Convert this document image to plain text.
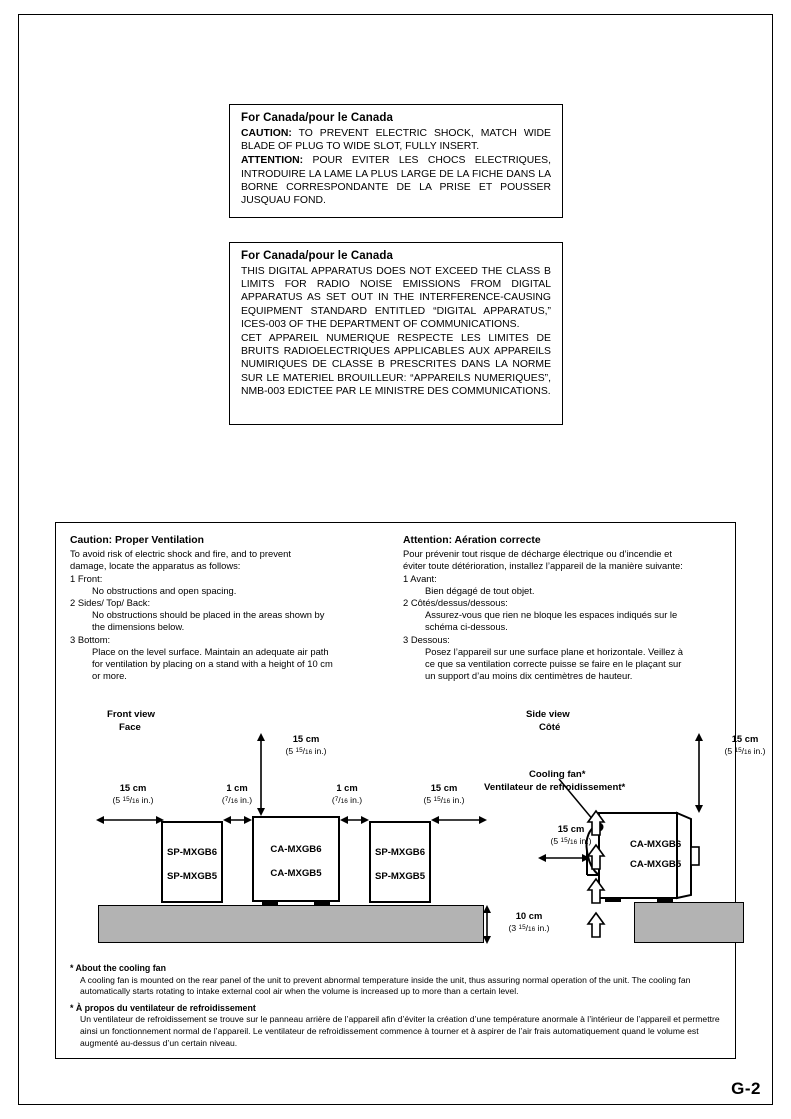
For Canada/pour le Canada

CAUTION: TO PREVENT ELECTRIC SHOCK, MATCH WIDE BLADE OF PLUG TO WIDE SLOT, FULLY INSERT.

ATTENTION: POUR EVITER LES CHOCS ELECTRIQUES, INTRODUIRE LA LAME LA PLUS LARGE DE LA FICHE DANS LA BORNE CORRESPONDANTE DE LA PRISE ET POUSSER JUSQUAU FOND.

For Canada/pour le Canada

THIS DIGITAL APPARATUS DOES NOT EXCEED THE CLASS B LIMITS FOR RADIO NOISE EMISSIONS FROM DIGITAL APPARATUS AS SET OUT IN THE INTERFERENCE-CAUSING EQUIPMENT STANDARD ENTITLED “DIGITAL APPARATUS,” ICES-003 OF THE DEPARTMENT OF COMMUNICATIONS.

CET APPAREIL NUMERIQUE RESPECTE LES LIMITES DE BRUITS RADIOELECTRIQUES APPLICABLES AUX APPAREILS NUMIRIQUES DE CLASSE B PRESCRITES DANS LA NORME SUR LE MATERIEL BROUILLEUR: “APPAREILS NUMERIQUES”, NMB-003 EDICTEE PAR LE MINISTRE DES COMMUNICATIONS.

Caution: Proper Ventilation

To avoid risk of electric shock and fire, and to prevent

damage, locate the apparatus as follows:

1 Front:

No obstructions and open spacing.

2 Sides/ Top/ Back:

No obstructions should be placed in the areas shown by

the dimensions below.

3 Bottom:

Place on the level surface. Maintain an adequate air path

for ventilation by placing on a stand with a height of 10 cm

or more.

Attention: Aération correcte

Pour prévenir tout risque de décharge électrique ou d’incendie et

éviter toute détérioration, installez l’appareil de la manière suivante:

1 Avant:

Bien dégagé de tout objet.

2 Côtés/dessus/dessous:

Assurez-vous que rien ne bloque les espaces indiqués sur le

schéma ci-dessous.

3 Dessous:

Posez l’appareil sur une surface plane et horizontale. Veillez à

ce que sa ventilation correcte puisse se faire en le plaçant sur

un support d’au moins dix centimètres de hauteur.

Front view
Face
Side view
Côté
Cooling fan*
Ventilateur de refroidissement*
SP-MXGB6
SP-MXGB5
CA-MXGB6
CA-MXGB5
SP-MXGB6
SP-MXGB5
15 cm
(5 $^{15}$/16 in.)
1 cm
($^7$/16 in.)
15 cm
(5 $^{15}$/16 in.)
1 cm
($^7$/16 in.)
15 cm
(5 $^{15}$/16 in.)
10 cm
(3 $^{15}$/16 in.)
15 cm
(5 $^{15}$/16 in.)
15 cm
(5 $^{15}$/16 in.)	CA-MXGB6
CA-MXGB5

* About the cooling fan

A cooling fan is mounted on the rear panel of the unit to prevent abnormal temperature inside the unit, thus assuring normal operation of the unit. The cooling fan automatically starts rotating to intake external cool air when the volume is increased up to more than a certain level.

* À propos du ventilateur de refroidissement

Un ventilateur de refroidissement se trouve sur le panneau arrière de l’appareil afin d’éviter la création d’une température anormale à l’intérieur de l’appareil et permettre ainsi un fonctionnement normal de l’appareil. Le ventilateur de refroidissement commence à tourner et à aspirer de l’air frais automatiquement quand le volume est augmenté au-dessus d’un certain niveau.

G-2
